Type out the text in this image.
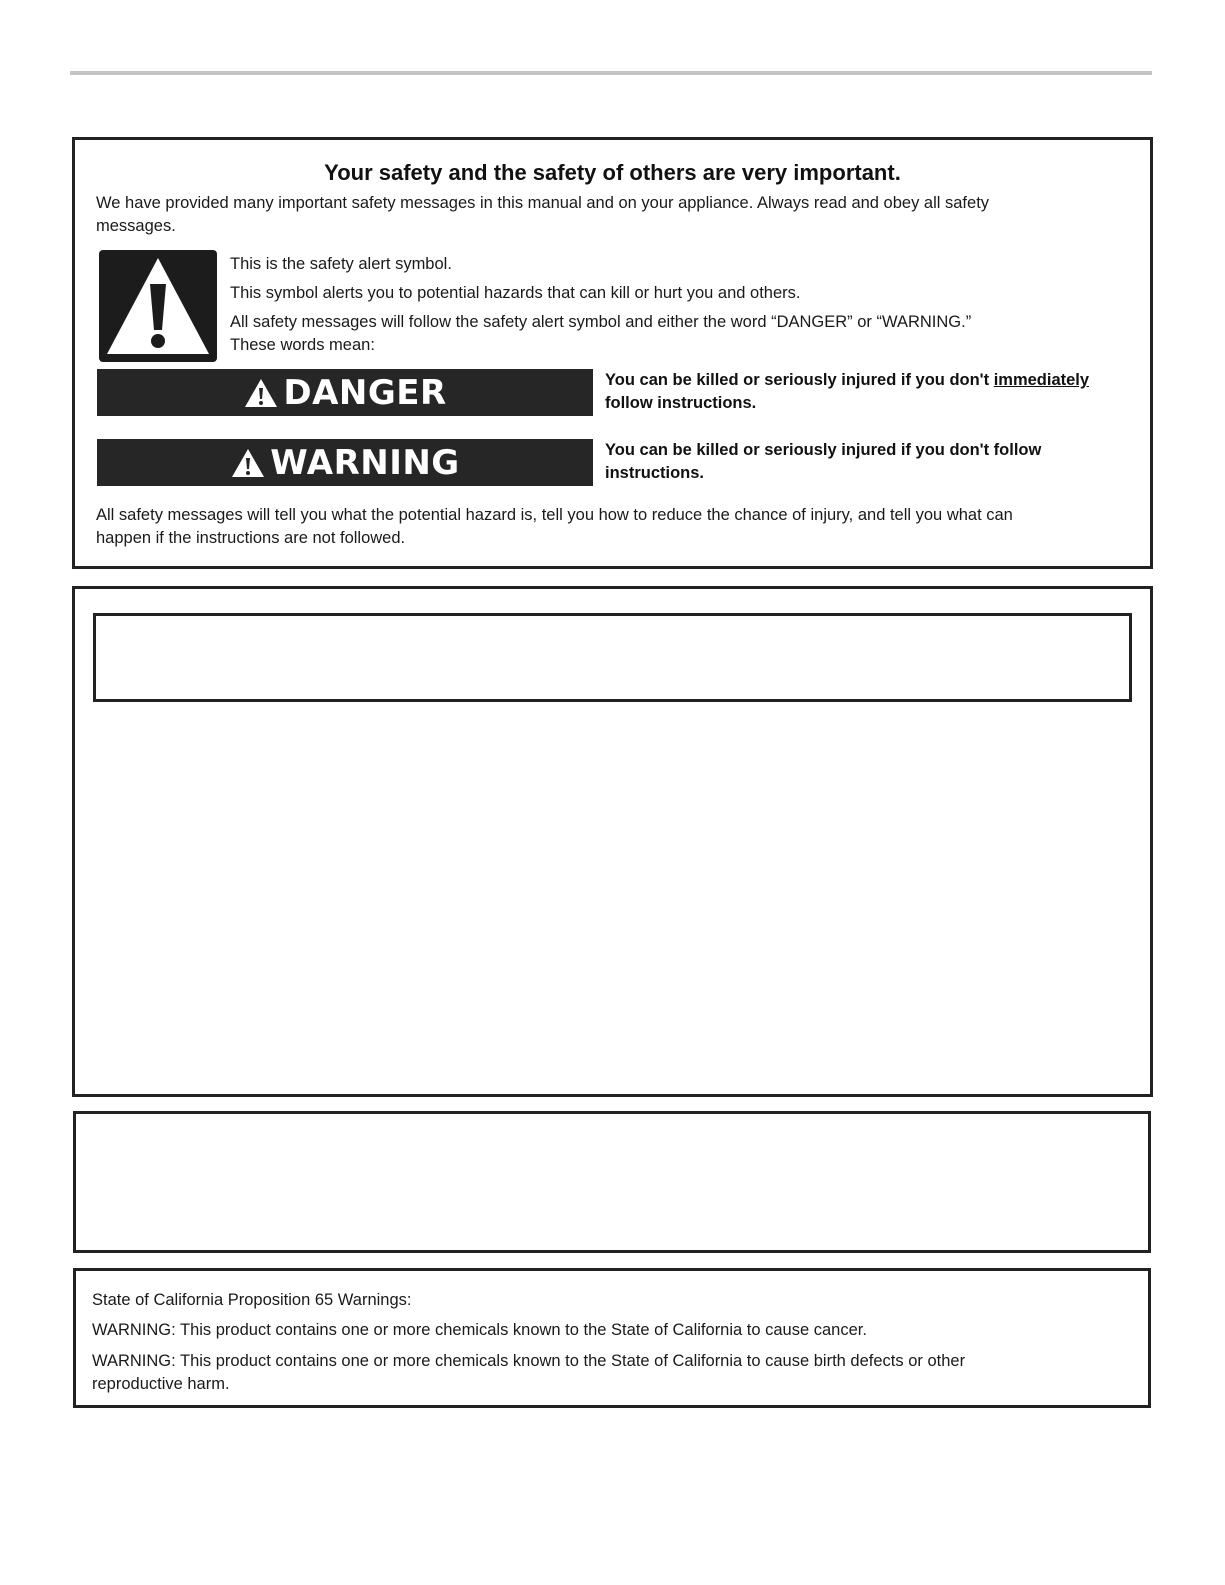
Your safety and the safety of others are very important.
We have provided many important safety messages in this manual and on your appliance. Always read and obey all safety
messages.
This is the safety alert symbol.
This symbol alerts you to potential hazards that can kill or hurt you and others.
All safety messages will follow the safety alert symbol and either the word “DANGER” or “WARNING.”
These words mean:
DANGER	You can be killed or seriously injured if you don't immediately
follow instructions.
WARNING	You can be killed or seriously injured if you don't follow
instructions.
All safety messages will tell you what the potential hazard is, tell you how to reduce the chance of injury, and tell you what can
happen if the instructions are not followed.
State of California Proposition 65 Warnings:
WARNING: This product contains one or more chemicals known to the State of California to cause cancer.
WARNING: This product contains one or more chemicals known to the State of California to cause birth defects or other
reproductive harm.
